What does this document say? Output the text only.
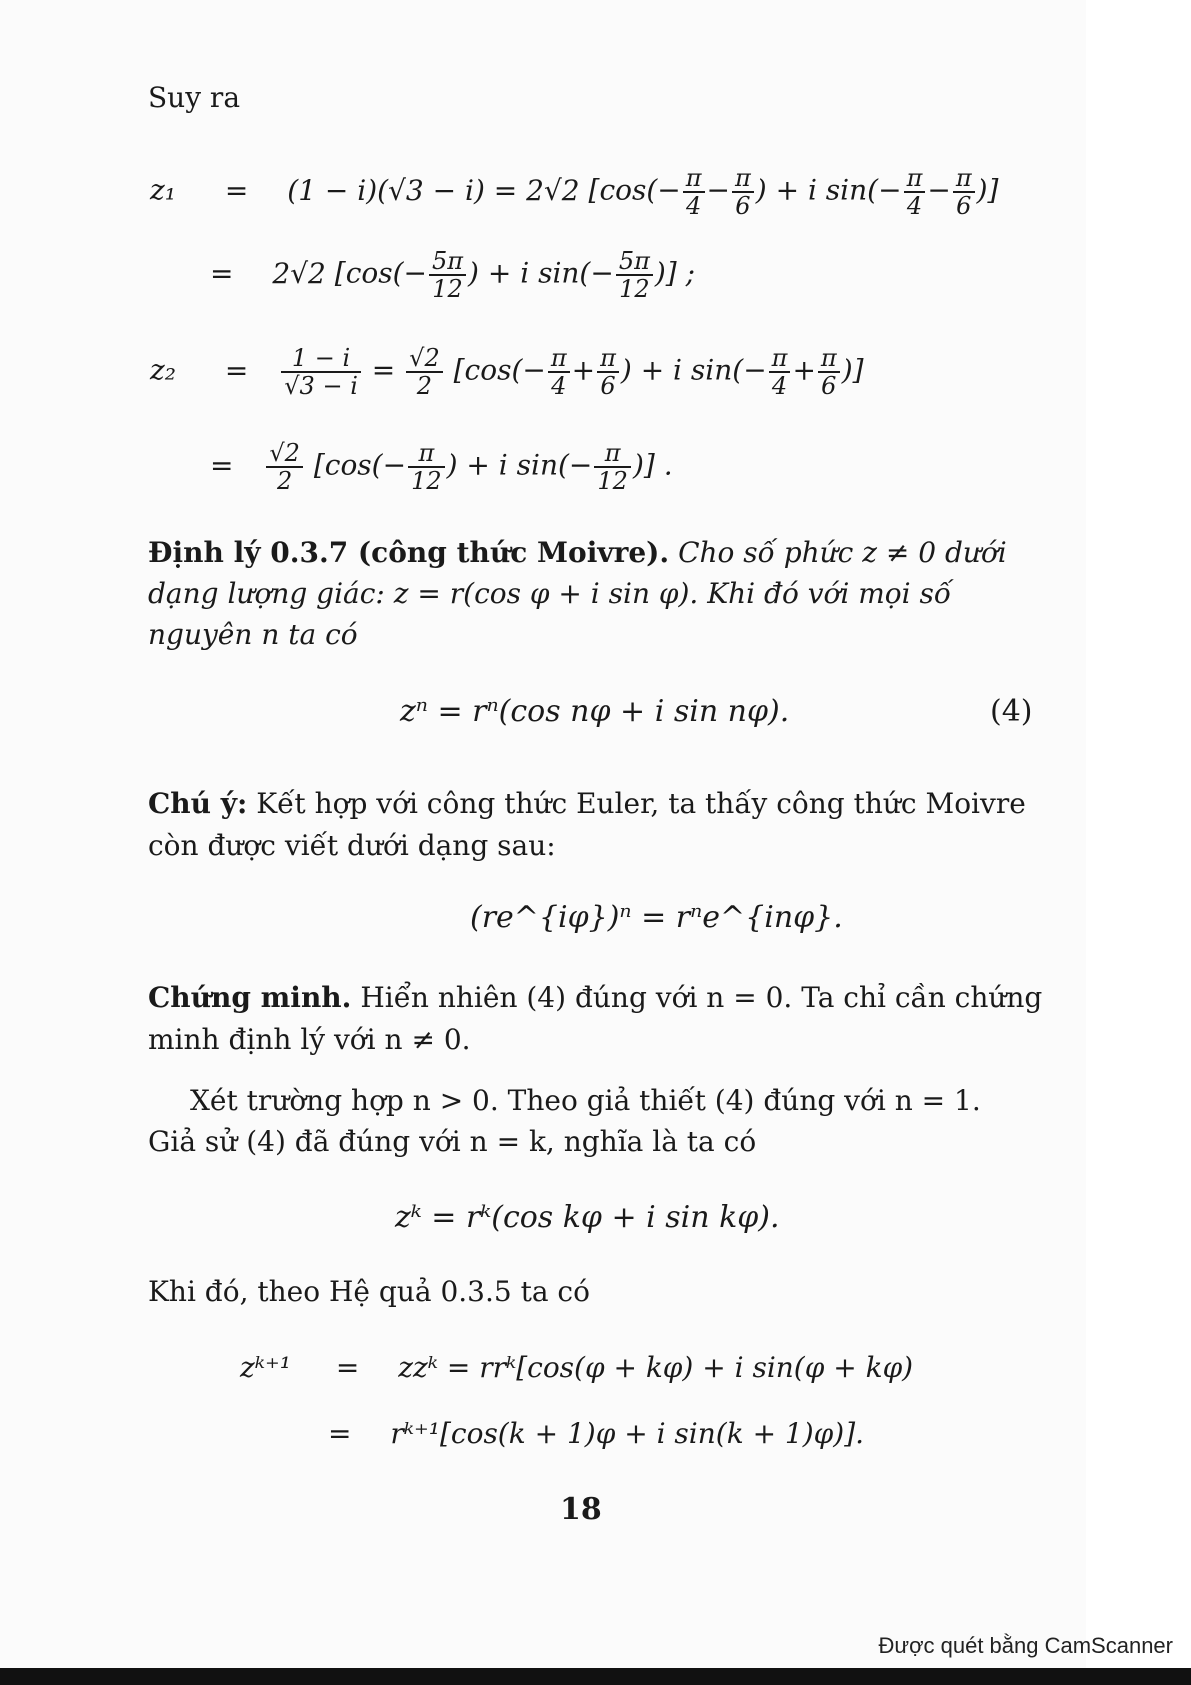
Suy ra
z₁ = (1 − i)(√3 − i) = 2√2 [$\cos(- \frac{\pi}{4} - \frac{\pi}{6}$ ) + i $\sin(- \frac{\pi}{4} - \frac{\pi}{6}$ )]
= 2√2 [$\cos(- \frac{5\pi}{12}$ ) + i $\sin(- \frac{5\pi}{12}$ )] ;
$z_2 = \frac{1 - i}{√3 - i} = \frac{√2}{2} [\cos(- \frac{\pi}{4} + \frac{\pi}{6}$ ) + i $\sin(- \frac{\pi}{4} + \frac{\pi}{6}$ )]
= $\frac{√2}{2} [\cos(- \frac{\pi}{12}$ ) + i $\sin(- \frac{\pi}{12}$ )] .
Định lý 0.3.7 (công thức Moivre). Cho số phức z ≠ 0 dưới
dạng lượng giác: z = r(cos φ + i sin φ). Khi đó với mọi số
nguyên n ta có
zⁿ = rⁿ(cos nφ + i sin nφ).	(4)
Chú ý: Kết hợp với công thức Euler, ta thấy công thức Moivre
còn được viết dưới dạng sau:
(re^{iφ})ⁿ = rⁿe^{inφ}.
Chứng minh. Hiển nhiên (4) đúng với n = 0. Ta chỉ cần chứng
minh định lý với n ≠ 0.
Xét trường hợp n > 0. Theo giả thiết (4) đúng với n = 1.
Giả sử (4) đã đúng với n = k, nghĩa là ta có
zᵏ = rᵏ(cos kφ + i sin kφ).
Khi đó, theo Hệ quả 0.3.5 ta có
zᵏ⁺¹ = zzᵏ = rrᵏ[cos(φ + kφ) + i sin(φ + kφ)
= rᵏ⁺¹[cos(k + 1)φ + i sin(k + 1)φ)].
18
Được quét bằng CamScanner
